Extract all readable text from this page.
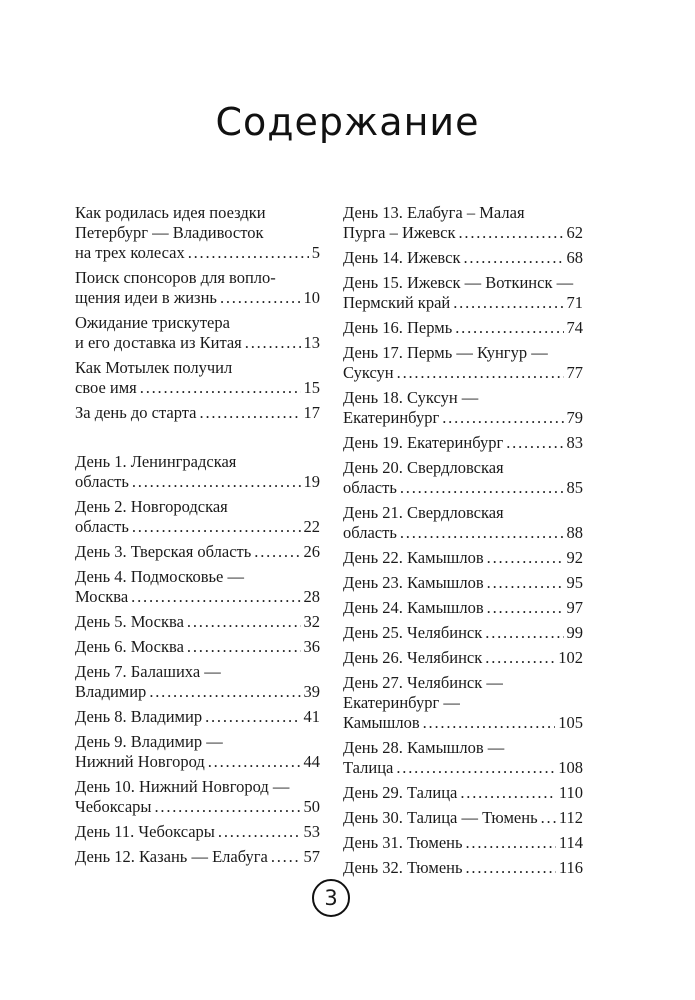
Содержание
Как родилась идея поездки
Петербург — Владивосток
на трех колесах .....	5
Поиск спонсоров для вопло-
щения идеи в жизнь .....	10
Ожидание трискутера
и его доставка из Китая .....	13
Как Мотылек получил
свое имя .....	15
За день до старта .....	17
День 1. Ленинградская
область .....	19
День 2. Новгородская
область .....	22
День 3. Тверская область .....	26
День 4. Подмосковье —
Москва .....	28
День 5. Москва .....	32
День 6. Москва .....	36
День 7. Балашиха —
Владимир .....	39
День 8. Владимир .....	41
День 9. Владимир —
Нижний Новгород .....	44
День 10. Нижний Новгород —
Чебоксары .....	50
День 11. Чебоксары .....	53
День 12. Казань — Елабуга ..... 57
День 13. Елабуга – Малая
Пурга – Ижевск .....	62
День 14. Ижевск .....	68
День 15. Ижевск — Воткинск —
Пермский край .....	71
День 16. Пермь .....	74
День 17. Пермь — Кунгур —
Суксун .....	77
День 18. Суксун —
Екатеринбург .....	79
День 19. Екатеринбург .....	83
День 20. Свердловская
область .....	85
День 21. Свердловская
область .....	88
День 22. Камышлов .....	92
День 23. Камышлов .....	95
День 24. Камышлов .....	97
День 25. Челябинск .....	99
День 26. Челябинск .....	102
День 27. Челябинск —
Екатеринбург —
Камышлов .....	105
День 28. Камышлов —
Талица .....	108
День 29. Талица .....	110
День 30. Талица — Тюмень ..... 112
День 31. Тюмень .....	114
День 32. Тюмень .....	116
3
